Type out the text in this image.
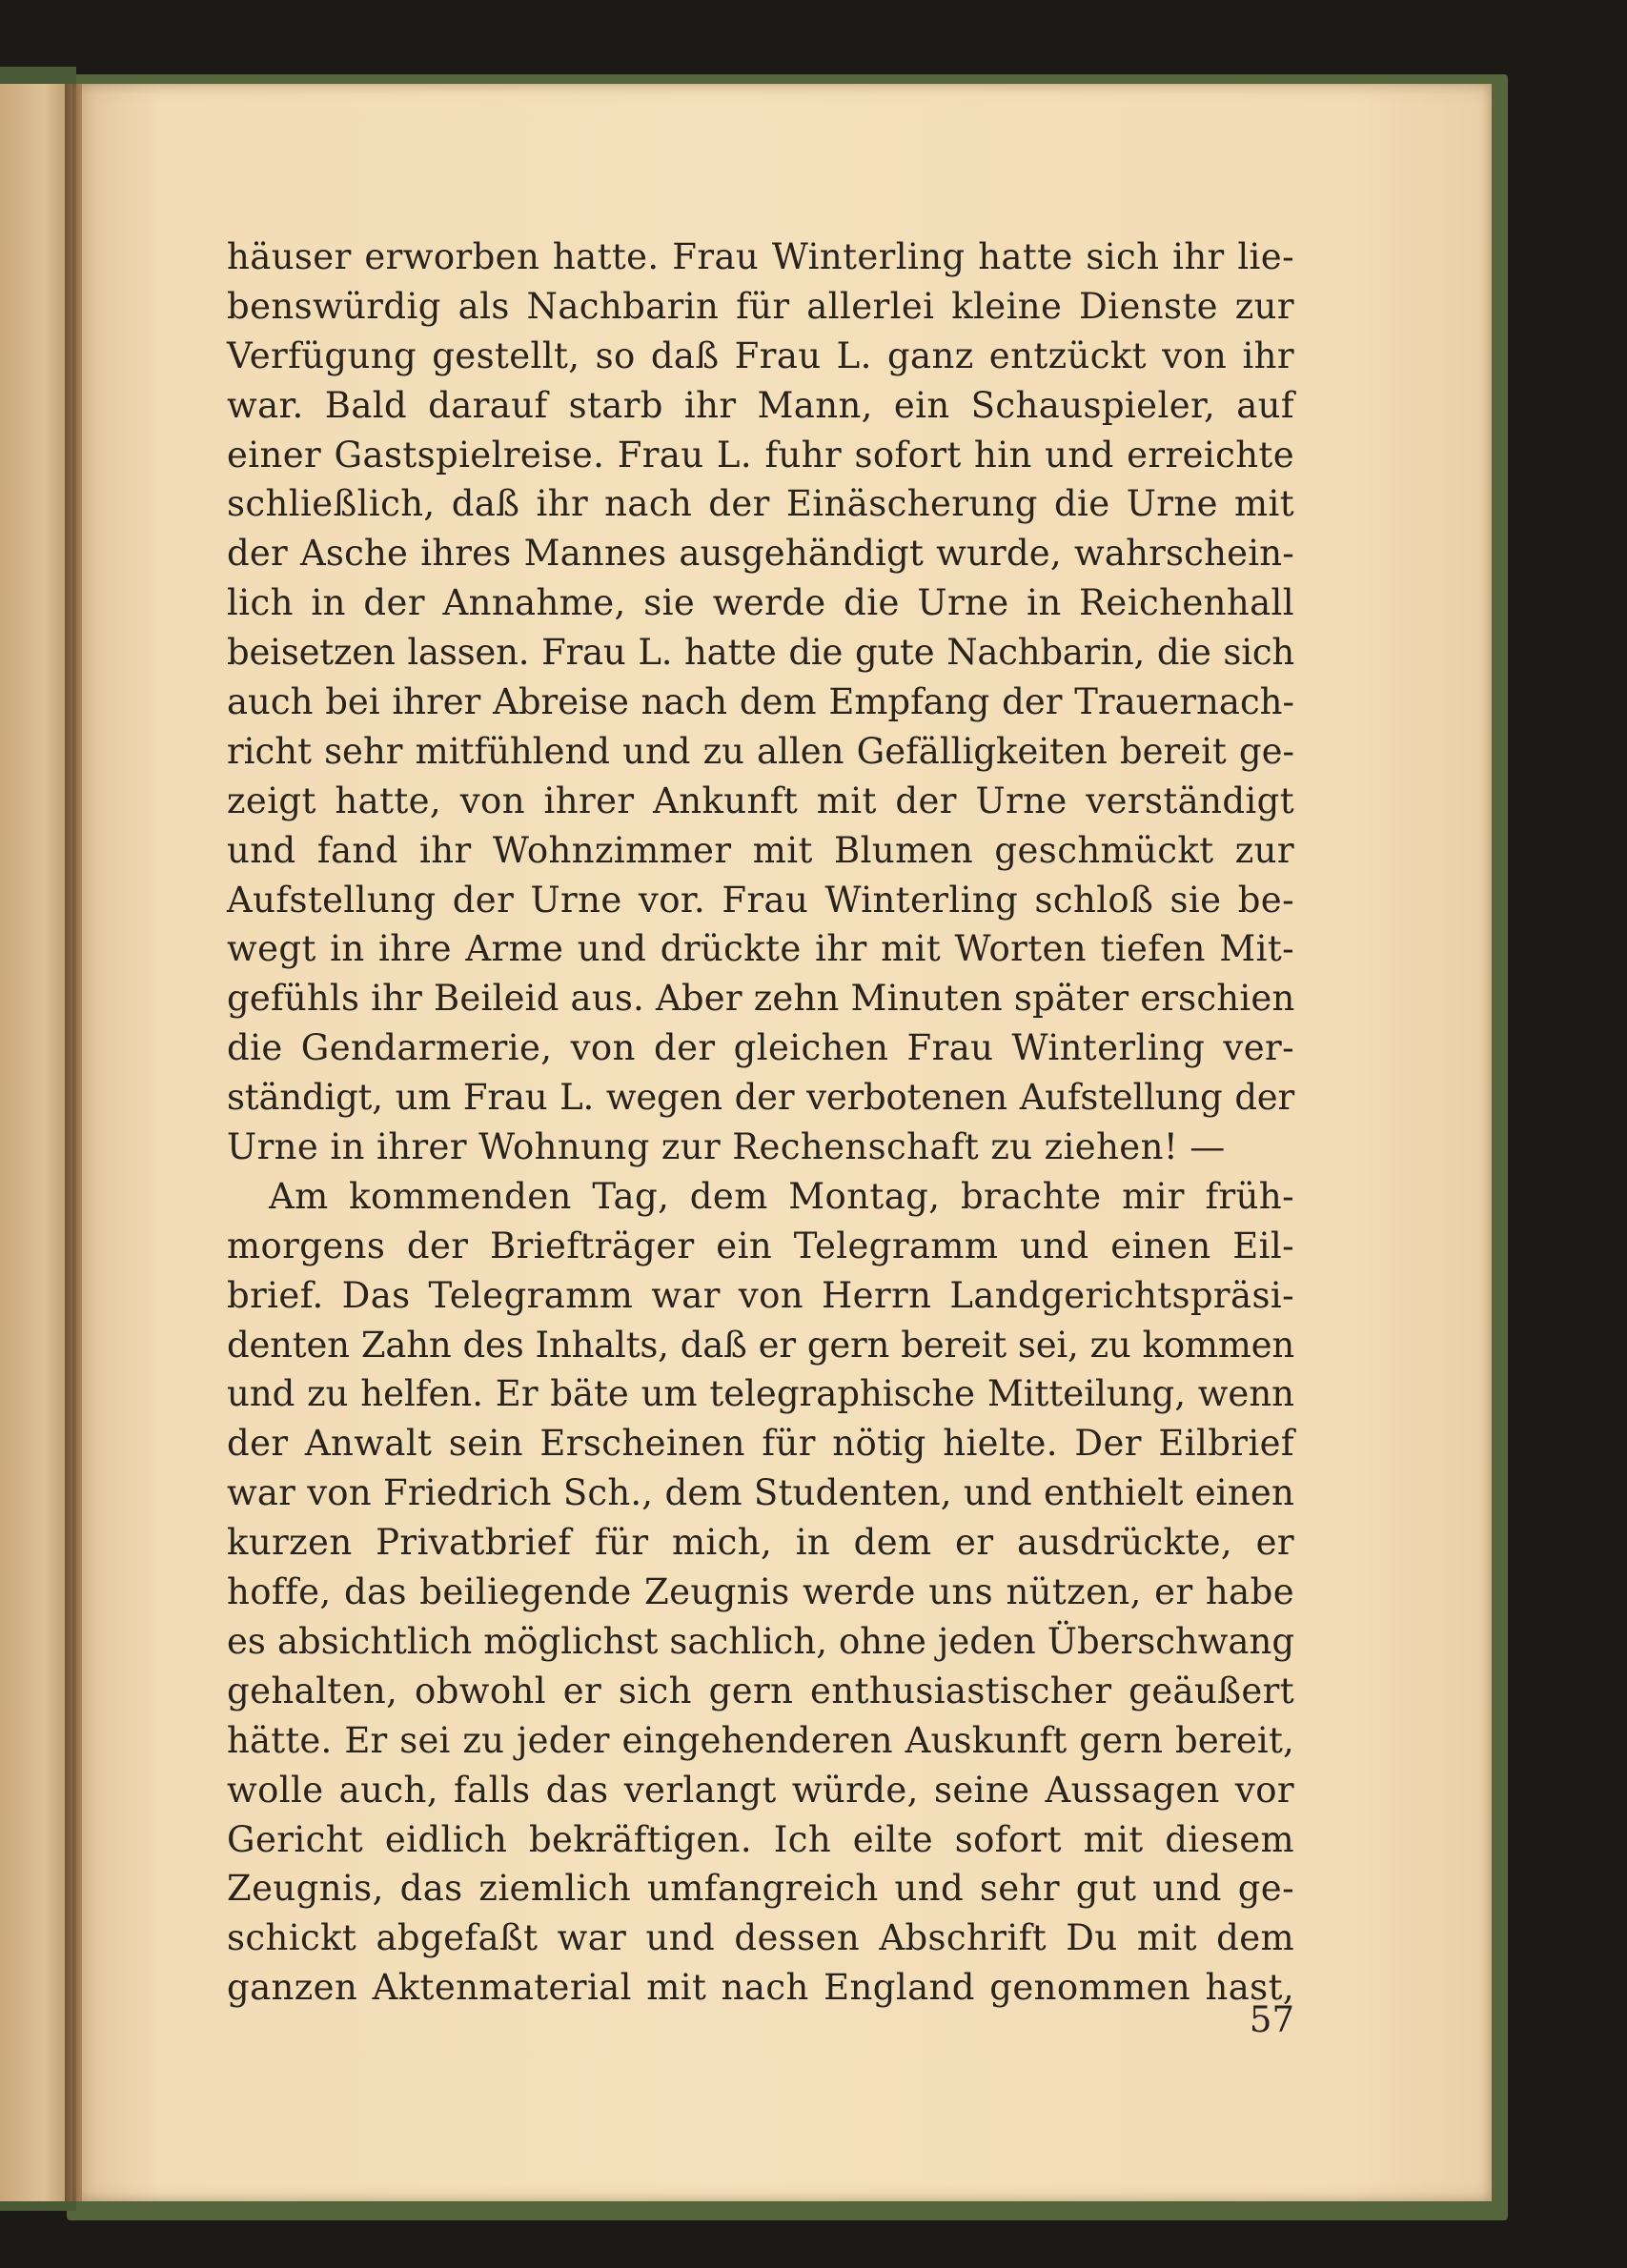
häuser erworben hatte. Frau Winterling hatte sich ihr lie-
benswürdig als Nachbarin für allerlei kleine Dienste zur
Verfügung gestellt, so daß Frau L. ganz entzückt von ihr
war. Bald darauf starb ihr Mann, ein Schauspieler, auf
einer Gastspielreise. Frau L. fuhr sofort hin und erreichte
schließlich, daß ihr nach der Einäscherung die Urne mit
der Asche ihres Mannes ausgehändigt wurde, wahrschein-
lich in der Annahme, sie werde die Urne in Reichenhall
beisetzen lassen. Frau L. hatte die gute Nachbarin, die sich
auch bei ihrer Abreise nach dem Empfang der Trauernach-
richt sehr mitfühlend und zu allen Gefälligkeiten bereit ge-
zeigt hatte, von ihrer Ankunft mit der Urne verständigt
und fand ihr Wohnzimmer mit Blumen geschmückt zur
Aufstellung der Urne vor. Frau Winterling schloß sie be-
wegt in ihre Arme und drückte ihr mit Worten tiefen Mit-
gefühls ihr Beileid aus. Aber zehn Minuten später erschien
die Gendarmerie, von der gleichen Frau Winterling ver-
ständigt, um Frau L. wegen der verbotenen Aufstellung der
Urne in ihrer Wohnung zur Rechenschaft zu ziehen! —
Am kommenden Tag, dem Montag, brachte mir früh-
morgens der Briefträger ein Telegramm und einen Eil-
brief. Das Telegramm war von Herrn Landgerichtspräsi-
denten Zahn des Inhalts, daß er gern bereit sei, zu kommen
und zu helfen. Er bäte um telegraphische Mitteilung, wenn
der Anwalt sein Erscheinen für nötig hielte. Der Eilbrief
war von Friedrich Sch., dem Studenten, und enthielt einen
kurzen Privatbrief für mich, in dem er ausdrückte, er
hoffe, das beiliegende Zeugnis werde uns nützen, er habe
es absichtlich möglichst sachlich, ohne jeden Überschwang
gehalten, obwohl er sich gern enthusiastischer geäußert
hätte. Er sei zu jeder eingehenderen Auskunft gern bereit,
wolle auch, falls das verlangt würde, seine Aussagen vor
Gericht eidlich bekräftigen. Ich eilte sofort mit diesem
Zeugnis, das ziemlich umfangreich und sehr gut und ge-
schickt abgefaßt war und dessen Abschrift Du mit dem
ganzen Aktenmaterial mit nach England genommen hast,
57
